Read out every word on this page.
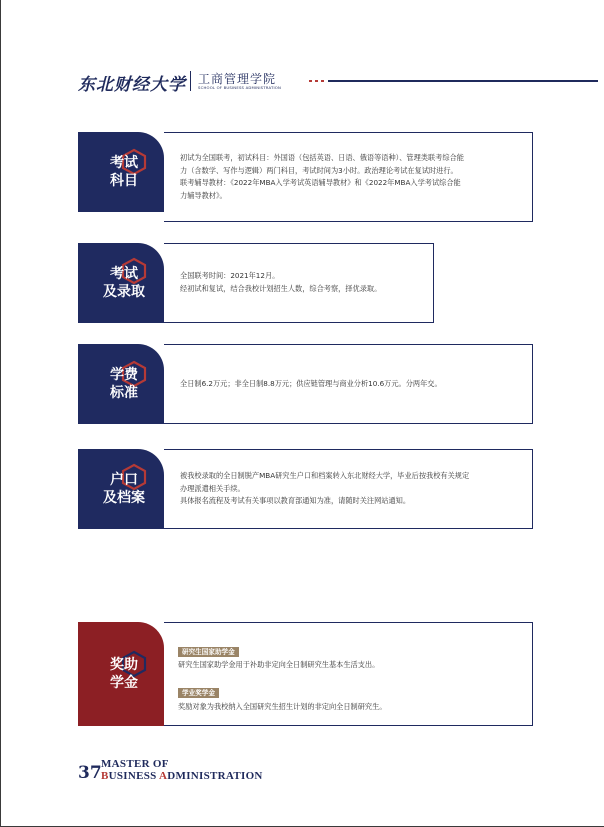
东北财经大学 工商管理学院
SCHOOL OF BUSINESS ADMINISTRATION
考试
科目
初试为全国联考，初试科目：外国语（包括英语、日语、俄语等语种）、管理类联考综合能
力（含数学、写作与逻辑）两门科目，考试时间为3小时。政治理论考试在复试时进行。
联考辅导教材：《2022年MBA入学考试英语辅导教材》和《2022年MBA入学考试综合能
力辅导教材》。
考试
及录取
全国联考时间：2021年12月。
经初试和复试，结合我校计划招生人数，综合考察，择优录取。
学费
标准
全日制6.2万元；非全日制8.8万元；供应链管理与商业分析10.6万元。分两年交。
户口
及档案
被我校录取的全日制脱产MBA研究生户口和档案转入东北财经大学，毕业后按我校有关规定
办理派遣相关手续。
具体报名流程及考试有关事项以教育部通知为准，请随时关注网站通知。
奖助
学金
研究生国家助学金
研究生国家助学金用于补助非定向全日制研究生基本生活支出。
学业奖学金
奖励对象为我校纳入全国研究生招生计划的非定向全日制研究生。
37 MASTER OF
BUSINESS ADMINISTRATION
